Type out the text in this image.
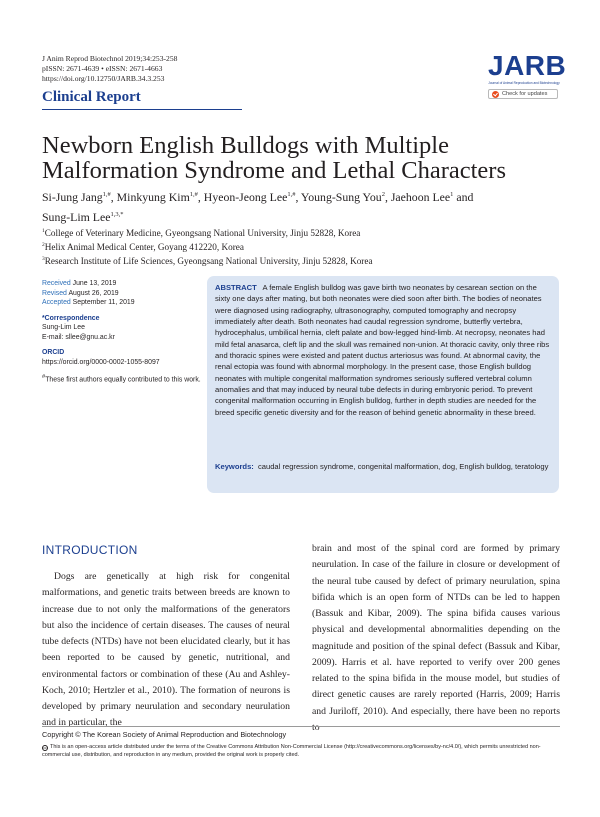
J Anim Reprod Biotechnol 2019;34:253-258
pISSN: 2671-4639 • eISSN: 2671-4663
https://doi.org/10.12750/JARB.34.3.253	JARB
Journal of Animal Reproduction and Biotechnology
Check for updates
Clinical Report
Newborn English Bulldogs with Multiple
Malformation Syndrome and Lethal Characters
Si-Jung Jang$^{1,\#}$, Minkyung Kim$^{1,\#}$, Hyeon-Jeong Lee$^{1,\#}$, Young-Sung You$^2$, Jaehoon Lee$^1$ and
Sung-Lim Lee$^{1,3,*}$
$^1$College of Veterinary Medicine, Gyeongsang National University, Jinju 52828, Korea
$^2$Helix Animal Medical Center, Goyang 412220, Korea
$^3$Research Institute of Life Sciences, Gyeongsang National University, Jinju 52828, Korea
Received June 13, 2019
Revised August 26, 2019
Accepted September 11, 2019
*Correspondence
Sung-Lim Lee
E-mail: sllee@gnu.ac.kr
ORCID
https://orcid.org/0000-0002-1055-8097
#These first authors equally contributed to this work.
ABSTRACT A female English bulldog was gave birth two neonates by cesarean section on the sixty one days after mating, but both neonates were died soon after birth. The bodies of neonates were diagnosed using radiography, ultrasonography, computed tomography and necropsy immediately after death. Both neonates had caudal regression syndrome, butterfly vertebra, hydrocephalus, umbilical hernia, cleft palate and bow-legged hind-limb. At necropsy, neonates had mild fetal anasarca, cleft lip and the skull was remained non-union. At thoracic cavity, only three ribs and thoracic spines were existed and patent ductus arteriosus was found. At abnormal cavity, the renal ectopia was found with abnormal morphology. In the present case, those English bulldog neonates with multiple congenital malformation syndromes seriously suffered vertebral column anomalies and that may induced by neural tube defects in during embryonic period. To prevent congenital malformation occurring in English bulldog, further in depth studies are needed for the breed specific genetic diversity and for the reason of behind genetic abnormality in these breed.
Keywords: caudal regression syndrome, congenital malformation, dog, English bulldog, teratology
INTRODUCTION
Dogs are genetically at high risk for congenital malformations, and genetic traits between breeds are known to increase due to not only the malformations of the generators but also the incidence of certain diseases. The causes of neural tube defects (NTDs) have not been elucidated clearly, but it has been reported to be caused by genetic, nutritional, and environmental factors or combination of these (Au and Ashley-Koch, 2010; Hertzler et al., 2010). The formation of neurons is developed by primary neurulation and secondary neurulation and in particular, the
brain and most of the spinal cord are formed by primary neurulation. In case of the failure in closure or development of the neural tube caused by defect of primary neurulation, spina bifida which is an open form of NTDs can be led to happen (Bassuk and Kibar, 2009). The spina bifida causes various physical and developmental abnormalities depending on the magnitude and position of the spinal defect (Bassuk and Kibar, 2009). Harris et al. have reported to verify over 200 genes related to the spina bifida in the mouse model, but studies of direct genetic causes are rarely reported (Harris, 2009; Harris and Juriloff, 2010). And especially, there have been no reports to
Copyright © The Korean Society of Animal Reproduction and Biotechnology
cc This is an open-access article distributed under the terms of the Creative Commons Attribution Non-Commercial License (http://creativecommons.org/licenses/by-nc/4.0/), which permits unrestricted non-commercial use, distribution, and reproduction in any medium, provided the original work is properly cited.
